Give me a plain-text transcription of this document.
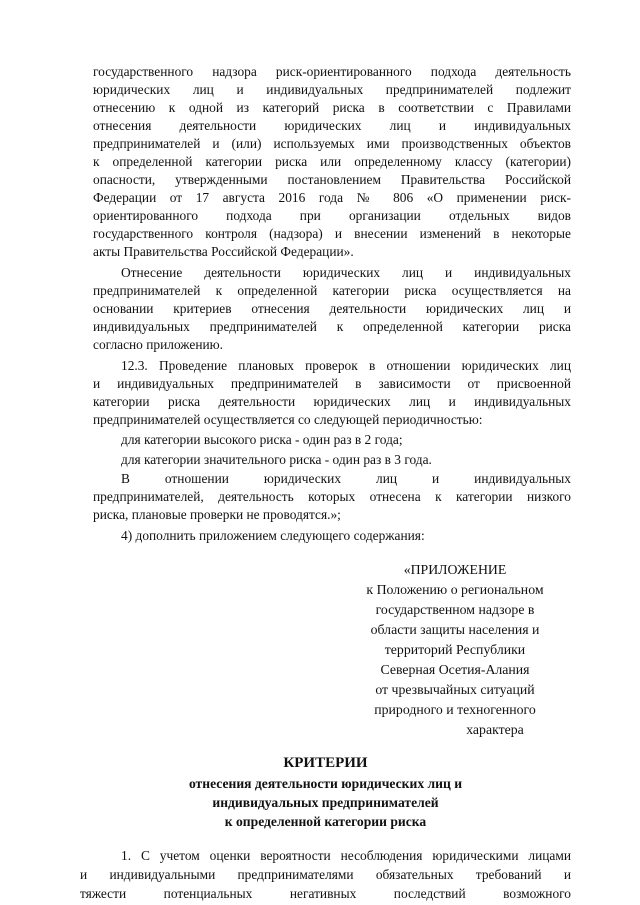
государственного надзора риск-ориентированного подхода деятельность
юридических лиц и индивидуальных предпринимателей подлежит
отнесению к одной из категорий риска в соответствии с Правилами
отнесения деятельности юридических лиц и индивидуальных
предпринимателей и (или) используемых ими производственных объектов
к определенной категории риска или определенному классу (категории)
опасности, утвержденными постановлением Правительства Российской
Федерации от 17 августа 2016 года № 806 «О применении риск-
ориентированного подхода при организации отдельных видов
государственного контроля (надзора) и внесении изменений в некоторые
акты Правительства Российской Федерации».
Отнесение деятельности юридических лиц и индивидуальных
предпринимателей к определенной категории риска осуществляется на
основании критериев отнесения деятельности юридических лиц и
индивидуальных предпринимателей к определенной категории риска
согласно приложению.
12.3. Проведение плановых проверок в отношении юридических лиц
и индивидуальных предпринимателей в зависимости от присвоенной
категории риска деятельности юридических лиц и индивидуальных
предпринимателей осуществляется со следующей периодичностью:
для категории высокого риска - один раз в 2 года;
для категории значительного риска - один раз в 3 года.
В отношении юридических лиц и индивидуальных
предпринимателей, деятельность которых отнесена к категории низкого
риска, плановые проверки не проводятся.»;
4) дополнить приложением следующего содержания:
«ПРИЛОЖЕНИЕ
к Положению о региональном
государственном надзоре в
области защиты населения и
территорий Республики
Северная Осетия-Алания
от чрезвычайных ситуаций
природного и техногенного
характера
КРИТЕРИИ
отнесения деятельности юридических лиц и
индивидуальных предпринимателей
к определенной категории риска
1. С учетом оценки вероятности несоблюдения юридическими лицами
и индивидуальными предпринимателями обязательных требований и
тяжести потенциальных негативных последствий возможного
